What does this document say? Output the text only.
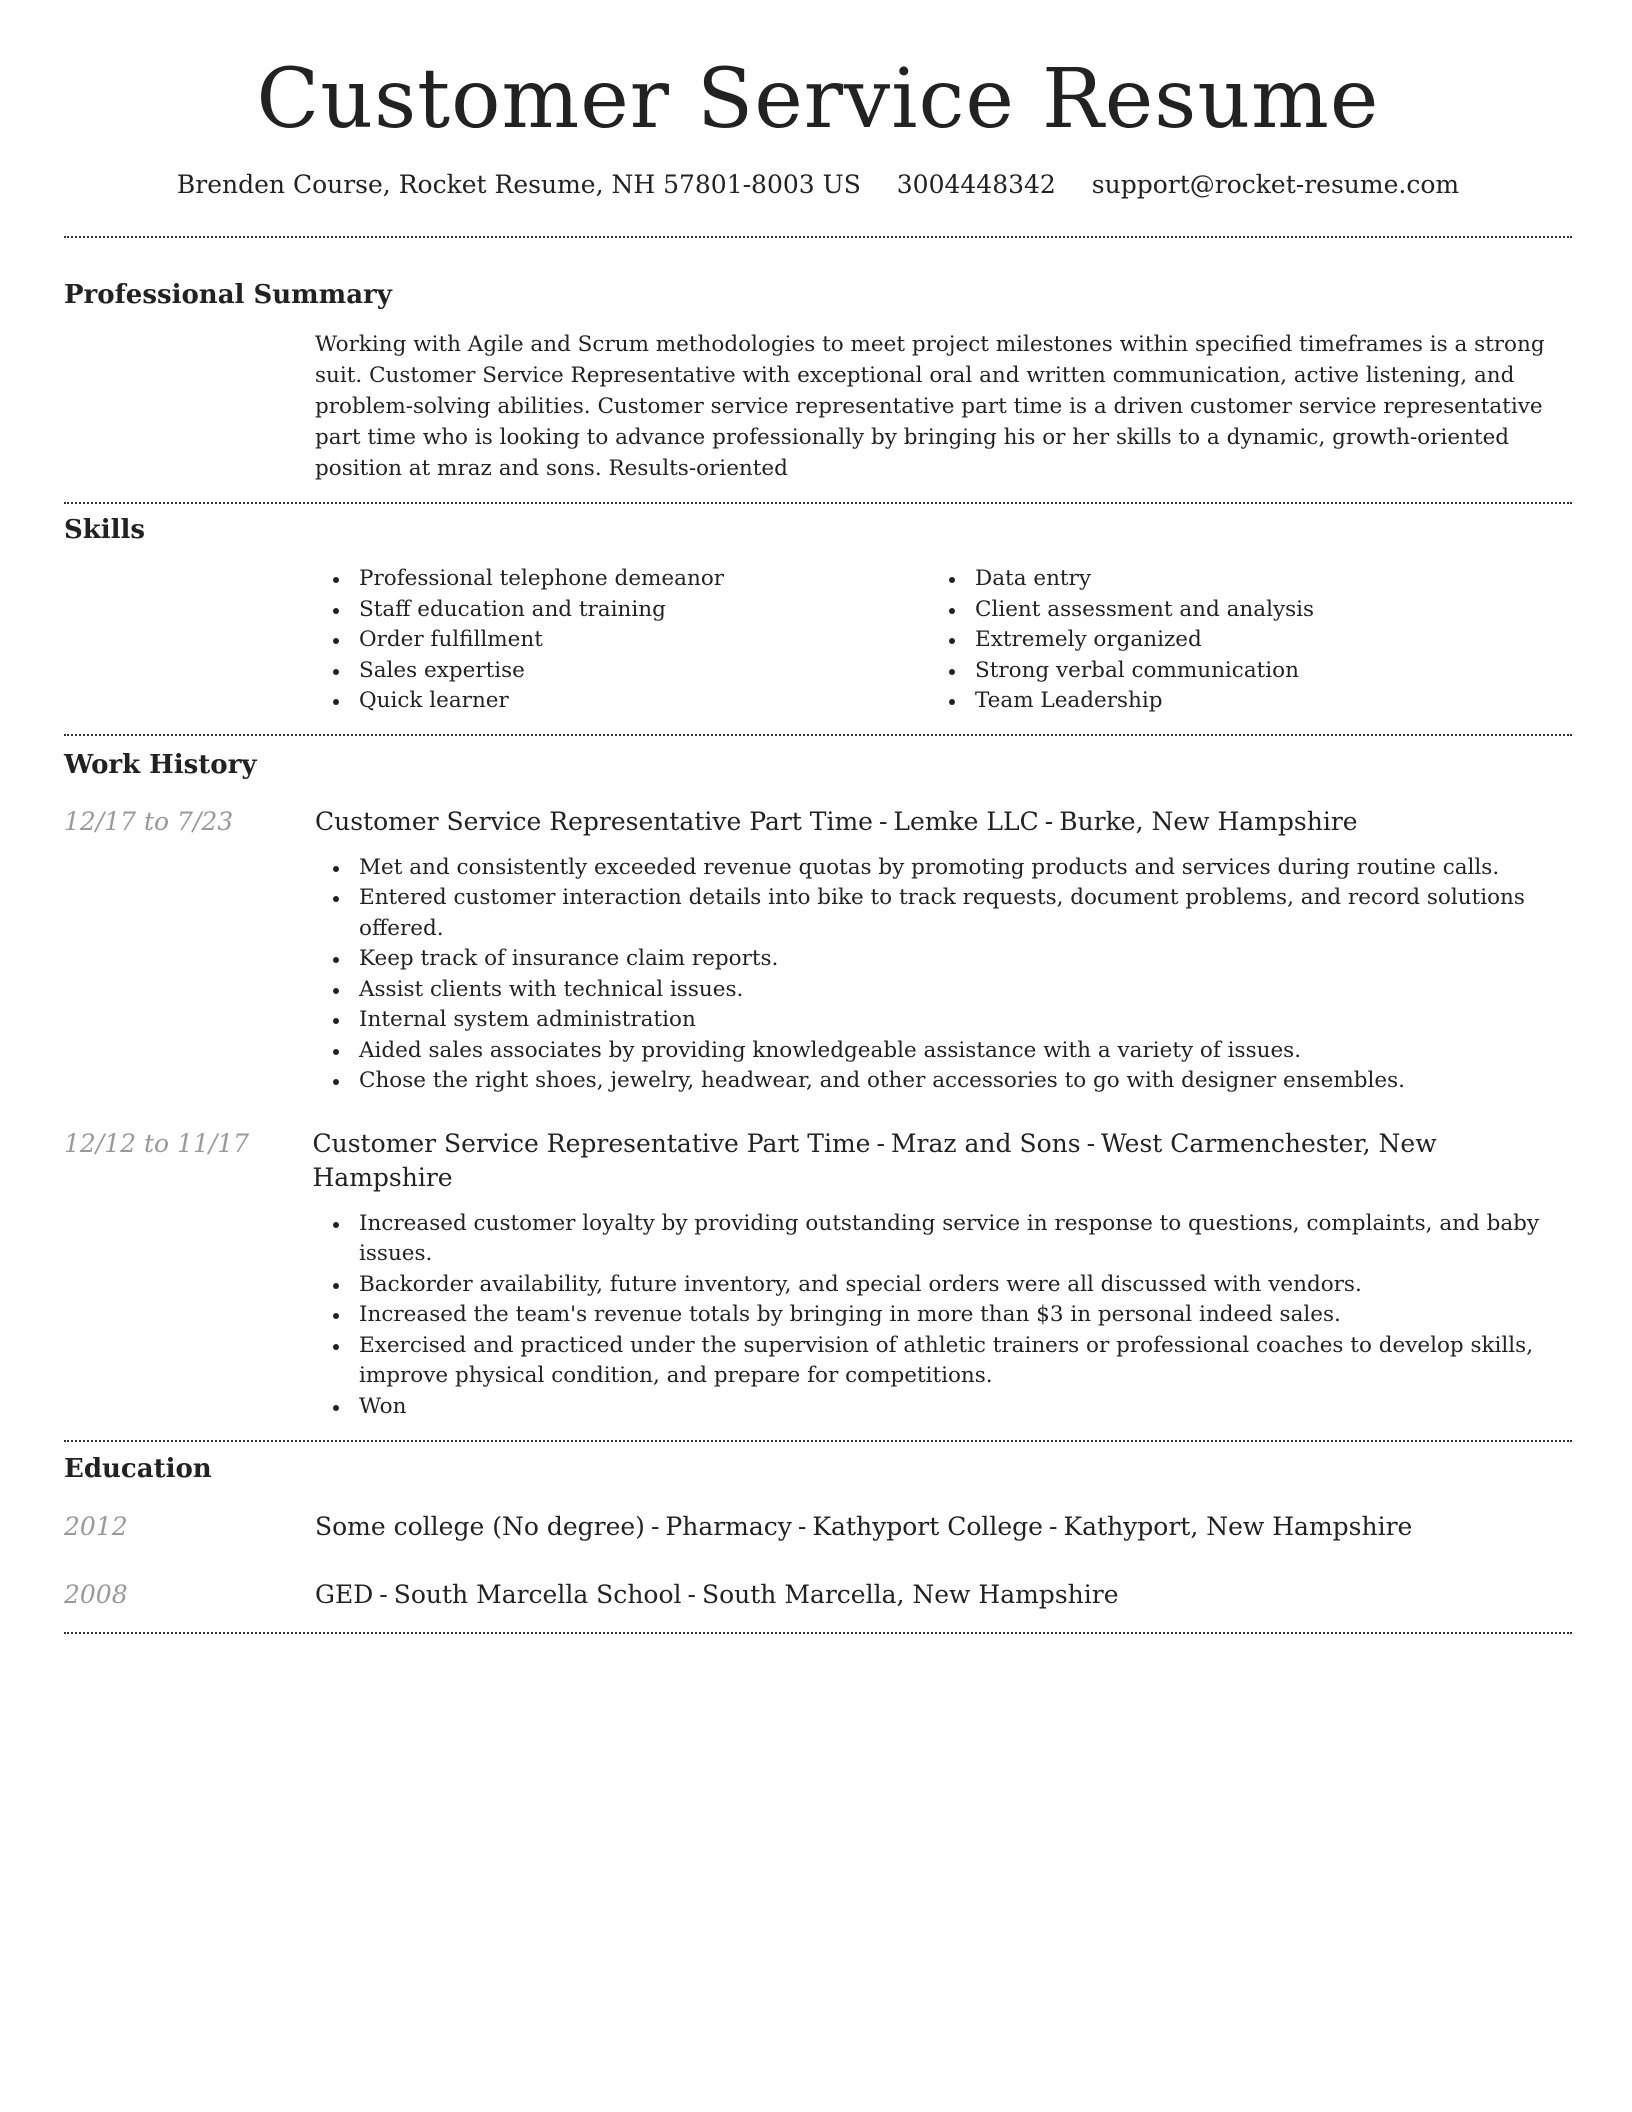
Customer Service Resume
Brenden Course, Rocket Resume, NH 57801-8003 US 3004448342 support@rocket-resume.com
Professional Summary

Working with Agile and Scrum methodologies to meet project milestones within specified timeframes is a strong suit. Customer Service Representative with exceptional oral and written communication, active listening, and problem-solving abilities. Customer service representative part time is a driven customer service representative part time who is looking to advance professionally by bringing his or her skills to a dynamic, growth-oriented position at mraz and sons. Results-oriented

Skills
Professional telephone demeanor
Staff education and training
Order fulfillment
Sales expertise
Quick learner
Data entry
Client assessment and analysis
Extremely organized
Strong verbal communication
Team Leadership
Work History
12/17 to 7/23	Customer Service Representative Part Time - Lemke LLC - Burke, New Hampshire
Met and consistently exceeded revenue quotas by promoting products and services during routine calls.
Entered customer interaction details into bike to track requests, document problems, and record solutions offered.
Keep track of insurance claim reports.
Assist clients with technical issues.
Internal system administration
Aided sales associates by providing knowledgeable assistance with a variety of issues.
Chose the right shoes, jewelry, headwear, and other accessories to go with designer ensembles.
12/12 to 11/17	Customer Service Representative Part Time - Mraz and Sons - West Carmenchester, New Hampshire
Increased customer loyalty by providing outstanding service in response to questions, complaints, and baby issues.
Backorder availability, future inventory, and special orders were all discussed with vendors.
Increased the team's revenue totals by bringing in more than $3 in personal indeed sales.
Exercised and practiced under the supervision of athletic trainers or professional coaches to develop skills, improve physical condition, and prepare for competitions.
Won
Education
2012	Some college (No degree) - Pharmacy - Kathyport College - Kathyport, New Hampshire
2008	GED - South Marcella School - South Marcella, New Hampshire
